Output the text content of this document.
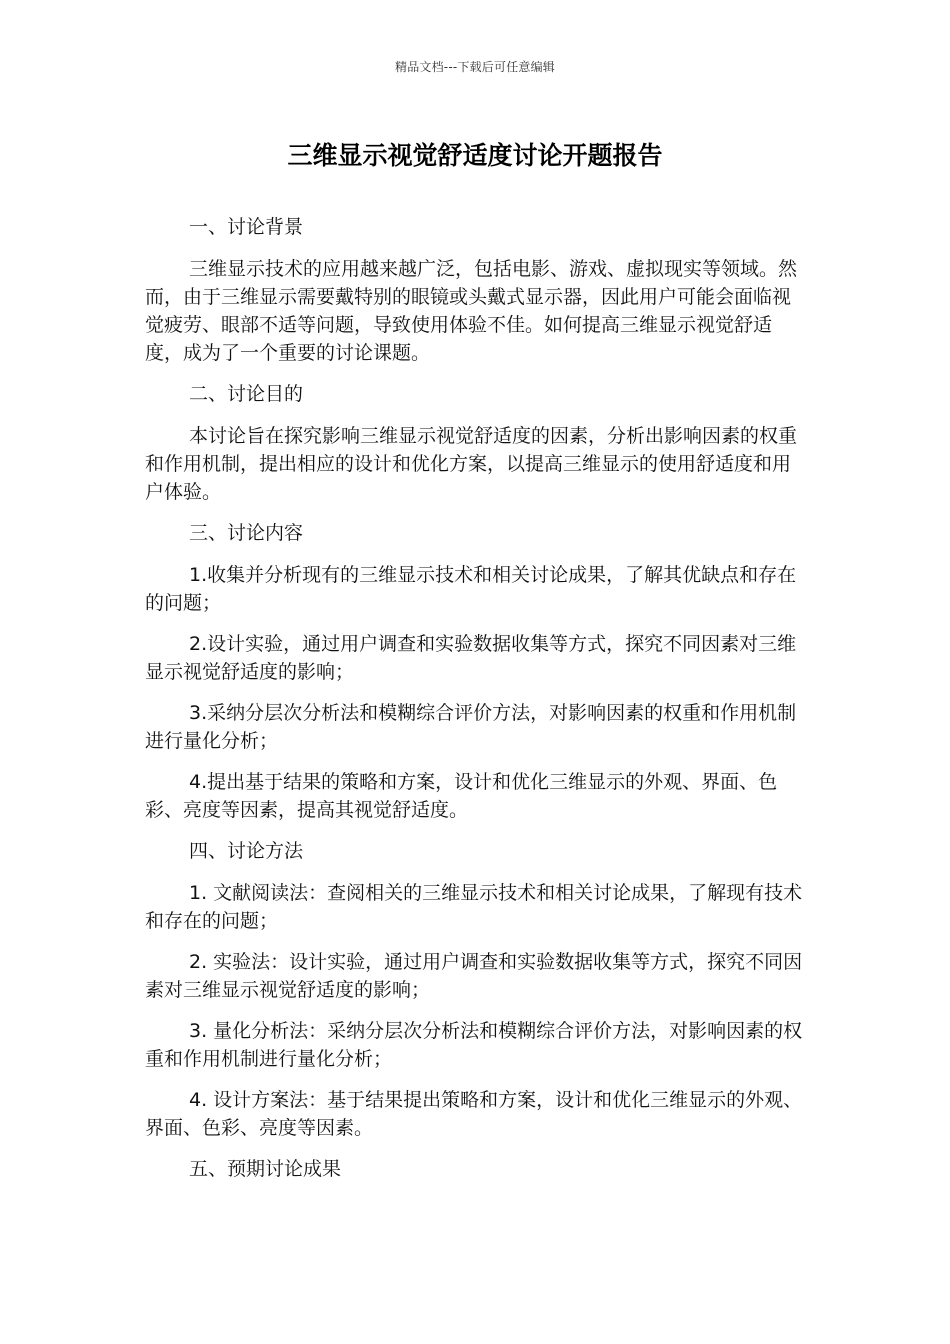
精品文档---下载后可任意编辑
三维显示视觉舒适度讨论开题报告

一、讨论背景

三维显示技术的应用越来越广泛，包括电影、游戏、虚拟现实等领域。然而，由于三维显示需要戴特别的眼镜或头戴式显示器，因此用户可能会面临视觉疲劳、眼部不适等问题，导致使用体验不佳。如何提高三维显示视觉舒适度，成为了一个重要的讨论课题。

二、讨论目的

本讨论旨在探究影响三维显示视觉舒适度的因素，分析出影响因素的权重和作用机制，提出相应的设计和优化方案，以提高三维显示的使用舒适度和用户体验。

三、讨论内容

1.收集并分析现有的三维显示技术和相关讨论成果，了解其优缺点和存在的问题；

2.设计实验，通过用户调查和实验数据收集等方式，探究不同因素对三维显示视觉舒适度的影响；

3.采纳分层次分析法和模糊综合评价方法，对影响因素的权重和作用机制进行量化分析；

4.提出基于结果的策略和方案，设计和优化三维显示的外观、界面、色彩、亮度等因素，提高其视觉舒适度。

四、讨论方法

1. 文献阅读法：查阅相关的三维显示技术和相关讨论成果，了解现有技术和存在的问题；

2. 实验法：设计实验，通过用户调查和实验数据收集等方式，探究不同因素对三维显示视觉舒适度的影响；

3. 量化分析法：采纳分层次分析法和模糊综合评价方法，对影响因素的权重和作用机制进行量化分析；

4. 设计方案法：基于结果提出策略和方案，设计和优化三维显示的外观、界面、色彩、亮度等因素。

五、预期讨论成果
